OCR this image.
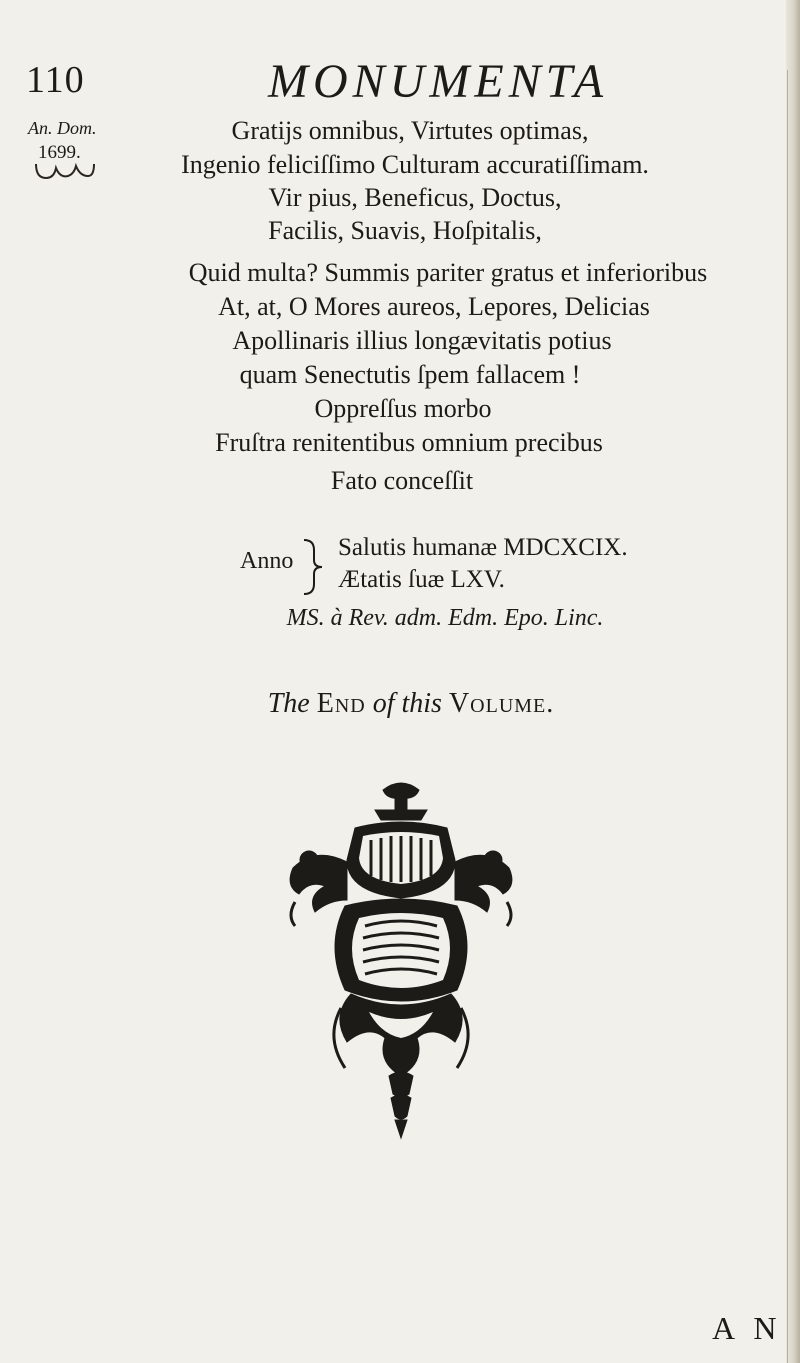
110	MONUMENTA
An. Dom.
1699.
Gratijs omnibus, Virtutes optimas,
Ingenio feliciſſimo Culturam accuratiſſimam.
Vir pius, Beneficus, Doctus,
Facilis, Suavis, Hoſpitalis,
Quid multa? Summis pariter gratus et inferioribus
At, at, O Mores aureos, Lepores, Delicias
Apollinaris illius longævitatis potius
quam Senectutis ſpem fallacem !
Oppreſſus morbo
Fruſtra renitentibus omnium precibus
Fato conceſſit
Anno Salutis humanæ MDCXCIX.
Ætatis ſuæ LXV.
MS. à Rev. adm. Edm. Epo. Linc.
The End of this Volume.
A N
